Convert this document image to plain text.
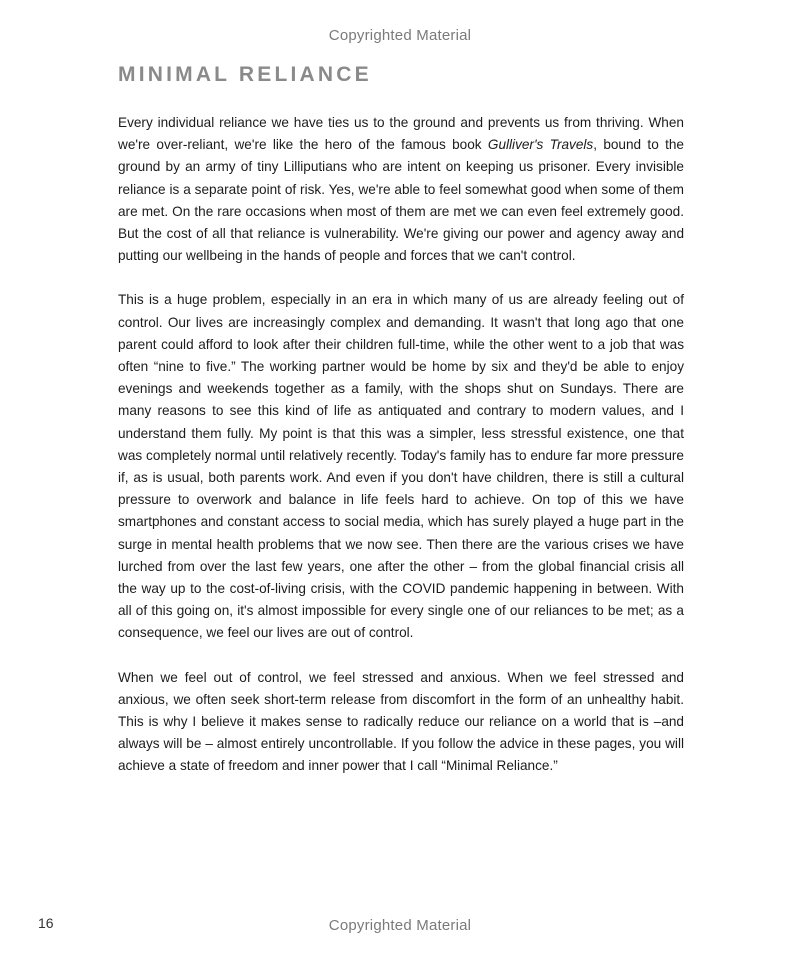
Copyrighted Material
MINIMAL RELIANCE

Every individual reliance we have ties us to the ground and prevents us from thriving. When we're over-reliant, we're like the hero of the famous book Gulliver's Travels, bound to the ground by an army of tiny Lilliputians who are intent on keeping us prisoner. Every invisible reliance is a separate point of risk. Yes, we're able to feel somewhat good when some of them are met. On the rare occasions when most of them are met we can even feel extremely good. But the cost of all that reliance is vulnerability. We're giving our power and agency away and putting our wellbeing in the hands of people and forces that we can't control.

This is a huge problem, especially in an era in which many of us are already feeling out of control. Our lives are increasingly complex and demanding. It wasn't that long ago that one parent could afford to look after their children full-time, while the other went to a job that was often “nine to five.” The working partner would be home by six and they'd be able to enjoy evenings and weekends together as a family, with the shops shut on Sundays. There are many reasons to see this kind of life as antiquated and contrary to modern values, and I understand them fully. My point is that this was a simpler, less stressful existence, one that was completely normal until relatively recently. Today's family has to endure far more pressure if, as is usual, both parents work. And even if you don't have children, there is still a cultural pressure to overwork and balance in life feels hard to achieve. On top of this we have smartphones and constant access to social media, which has surely played a huge part in the surge in mental health problems that we now see. Then there are the various crises we have lurched from over the last few years, one after the other – from the global financial crisis all the way up to the cost-of-living crisis, with the COVID pandemic happening in between. With all of this going on, it's almost impossible for every single one of our reliances to be met; as a consequence, we feel our lives are out of control.

When we feel out of control, we feel stressed and anxious. When we feel stressed and anxious, we often seek short-term release from discomfort in the form of an unhealthy habit. This is why I believe it makes sense to radically reduce our reliance on a world that is –and always will be – almost entirely uncontrollable. If you follow the advice in these pages, you will achieve a state of freedom and inner power that I call “Minimal Reliance.”

16	Copyrighted Material
